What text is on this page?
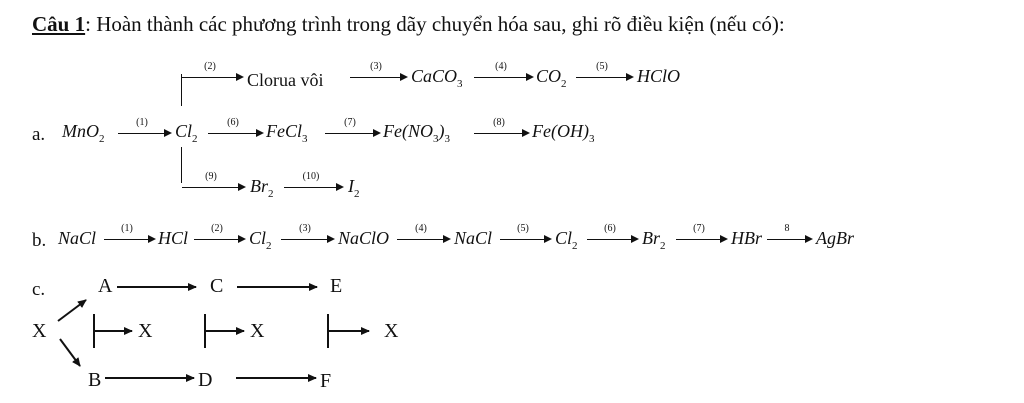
Câu 1: Hoàn thành các phương trình trong dãy chuyển hóa sau, ghi rõ điều kiện (nếu có):
a. MnO$_2$
(1)	$Cl_2$
(6)	FeCl$_3$
(7)	$Fe(NO_3)_3$
(8)	$Fe(OH)_3$
(2)
Clorua vôi
(3)	CaCO$_3$
(4)	$CO_2$
(5)	HClO
(9)	$Br_2$
(10)	$I_2$
b. NaCl	(1)	HCl	(2)	$Cl_2$
(3)	NaClO	(4)	NaCl	(5)	$Cl_2$
(6)	$Br_2$
(7)	HBr	8	AgBr
c.	A	C	E
X	X	X	X
B	D	F
